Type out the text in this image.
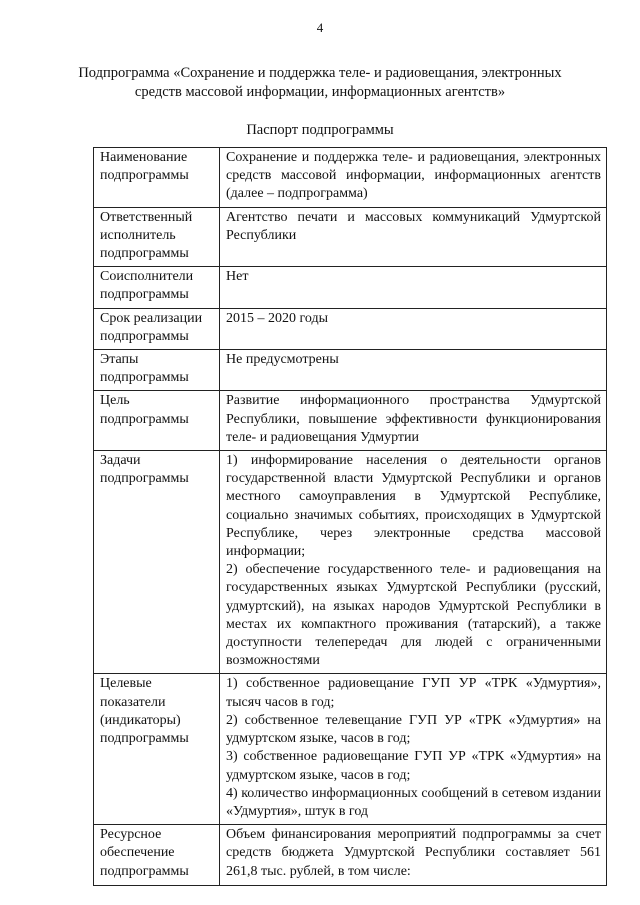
4
Подпрограмма «Сохранение и поддержка теле- и радиовещания, электронных средств массовой информации, информационных агентств»
Паспорт подпрограммы
Наименование подпрограммы	Сохранение и поддержка теле- и радиовещания, электронных средств массовой информации, информационных агентств (далее – подпрограмма)

Ответственный исполнитель подпрограммы	Агентство печати и массовых коммуникаций Удмуртской Республики

Соисполнители подпрограммы	Нет

Срок реализации подпрограммы	2015 – 2020 годы

Этапы подпрограммы	Не предусмотрены

Цель подпрограммы	Развитие информационного пространства Удмуртской Республики, повышение эффективности функционирования теле- и радиовещания Удмуртии

Задачи подпрограммы	1) информирование населения о деятельности органов государственной власти Удмуртской Республики и органов местного самоуправления в Удмуртской Республике, социально значимых событиях, происходящих в Удмуртской Республике, через электронные средства массовой информации;
2) обеспечение государственного теле- и радиовещания на государственных языках Удмуртской Республики (русский, удмуртский), на языках народов Удмуртской Республики в местах их компактного проживания (татарский), а также доступности телепередач для людей с ограниченными возможностями

Целевые показатели (индикаторы) подпрограммы	1) собственное радиовещание ГУП УР «ТРК «Удмуртия», тысяч часов в год;
2) собственное телевещание ГУП УР «ТРК «Удмуртия» на удмуртском языке, часов в год;
3) собственное радиовещание ГУП УР «ТРК «Удмуртия» на удмуртском языке, часов в год;
4) количество информационных сообщений в сетевом издании «Удмуртия», штук в год

Ресурсное обеспечение подпрограммы	Объем финансирования мероприятий подпрограммы за счет средств бюджета Удмуртской Республики составляет 561 261,8 тыс. рублей, в том числе:
